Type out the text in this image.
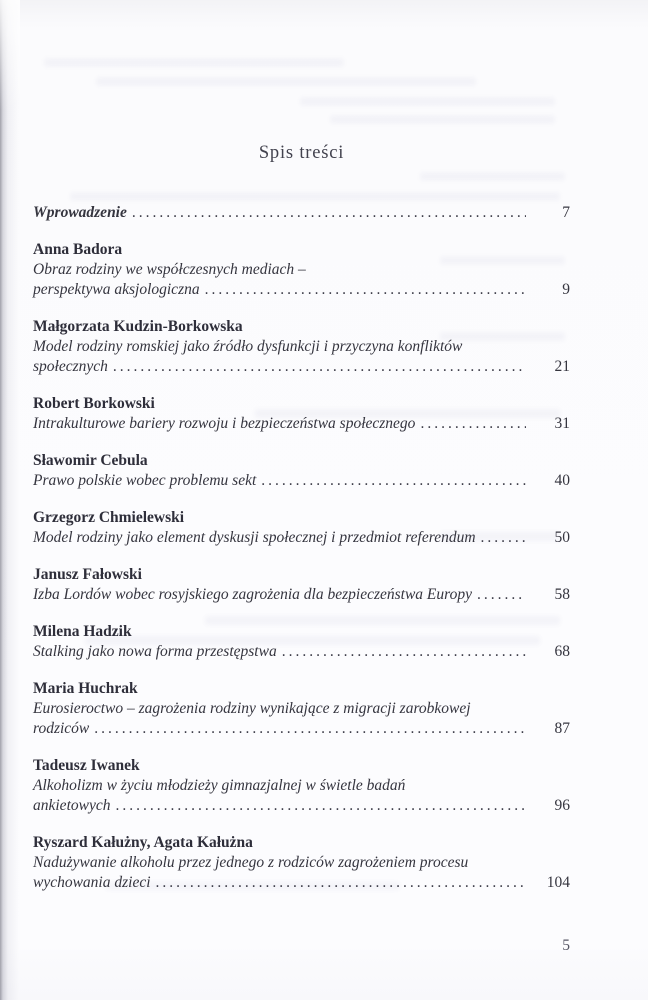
Spis treści
Wprowadzenie .....	7
Anna Badora
Obraz rodziny we współczesnych mediach –
perspektywa aksjologiczna .....	9
Małgorzata Kudzin-Borkowska
Model rodziny romskiej jako źródło dysfunkcji i przyczyna konfliktów
społecznych .....	21
Robert Borkowski
Intrakulturowe bariery rozwoju i bezpieczeństwa społecznego .....	31
Sławomir Cebula
Prawo polskie wobec problemu sekt .....	40
Grzegorz Chmielewski
Model rodziny jako element dyskusji społecznej i przedmiot referendum .....	50
Janusz Fałowski
Izba Lordów wobec rosyjskiego zagrożenia dla bezpieczeństwa Europy .....	58
Milena Hadzik
Stalking jako nowa forma przestępstwa .....	68
Maria Huchrak
Eurosieroctwo – zagrożenia rodziny wynikające z migracji zarobkowej
rodziców .....	87
Tadeusz Iwanek
Alkoholizm w życiu młodzieży gimnazjalnej w świetle badań
ankietowych .....	96
Ryszard Kałużny, Agata Kałużna
Nadużywanie alkoholu przez jednego z rodziców zagrożeniem procesu
wychowania dzieci .....	104
5
